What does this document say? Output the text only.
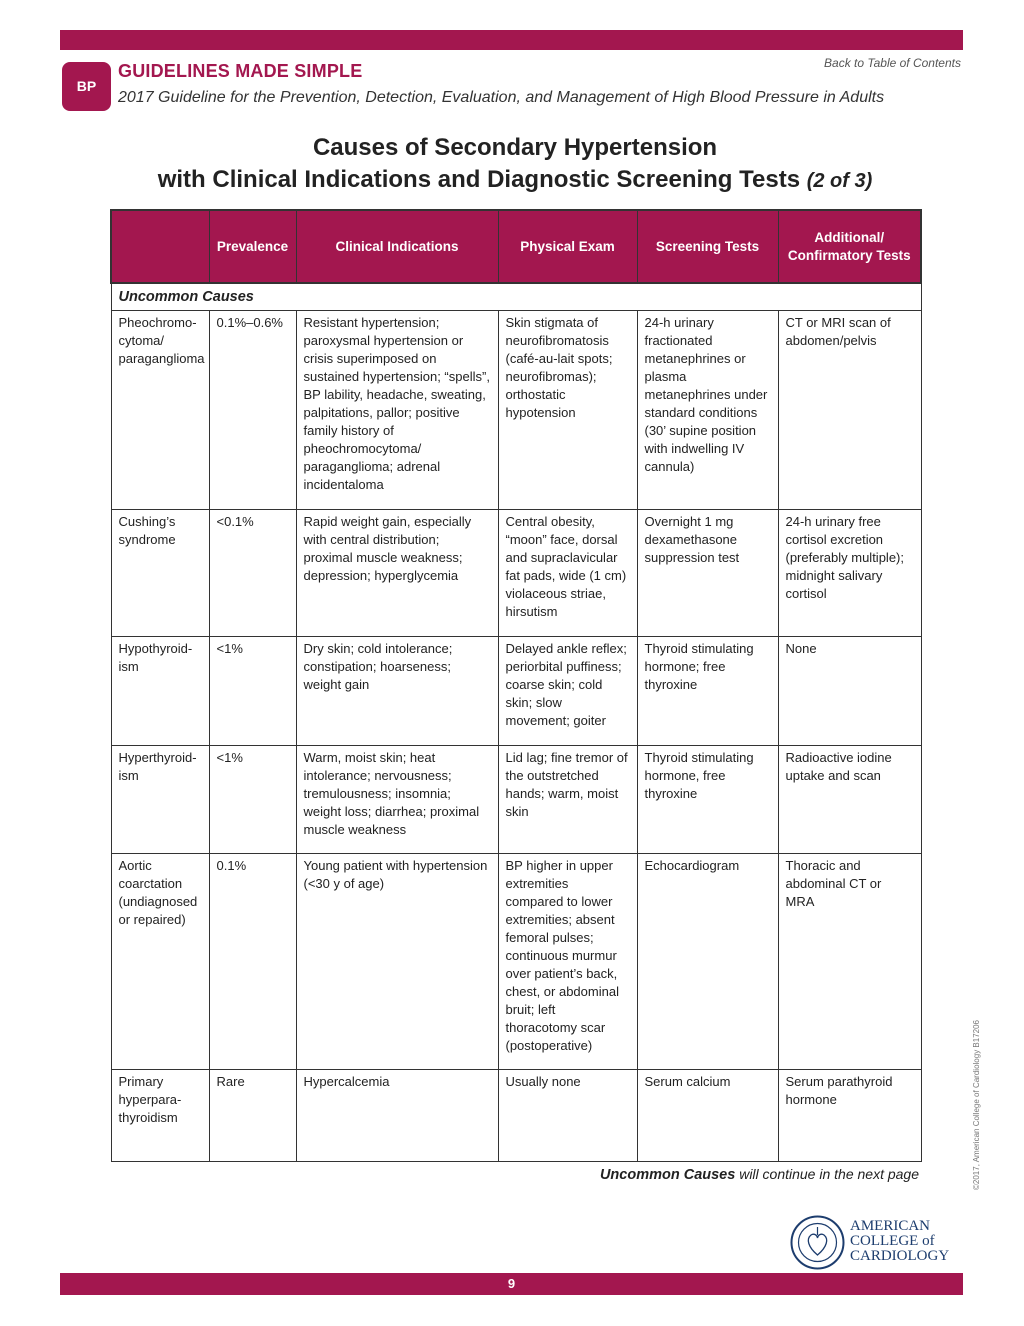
BP
Back to Table of Contents
GUIDELINES MADE SIMPLE
2017 Guideline for the Prevention, Detection, Evaluation, and Management of High Blood Pressure in Adults
Causes of Secondary Hypertension
with Clinical Indications and Diagnostic Screening Tests (2 of 3)
	Prevalence	Clinical Indications	Physical Exam	Screening Tests	Additional/ Confirmatory Tests
Uncommon Causes					
Pheochromo-cytoma/ paraganglioma	0.1%–0.6%	Resistant hypertension; paroxysmal hypertension or crisis superimposed on sustained hypertension; “spells”, BP lability, headache, sweating, palpitations, pallor; positive family history of pheochromocytoma/ paraganglioma; adrenal incidentaloma	Skin stigmata of neurofibromatosis (café-au-lait spots; neurofibromas); orthostatic hypotension	24-h urinary fractionated metanephrines or plasma metanephrines under standard conditions (30’ supine position with indwelling IV cannula)	CT or MRI scan of abdomen/pelvis
Cushing’s syndrome	<0.1%	Rapid weight gain, especially with central distribution; proximal muscle weakness; depression; hyperglycemia	Central obesity, “moon” face, dorsal and supraclavicular fat pads, wide (1 cm) violaceous striae, hirsutism	Overnight 1 mg dexamethasone suppression test	24-h urinary free cortisol excretion (preferably multiple); midnight salivary cortisol
Hypothyroid-ism	<1%	Dry skin; cold intolerance; constipation; hoarseness; weight gain	Delayed ankle reflex; periorbital puffiness; coarse skin; cold skin; slow movement; goiter	Thyroid stimulating hormone; free thyroxine	None
Hyperthyroid-ism	<1%	Warm, moist skin; heat intolerance; nervousness; tremulousness; insomnia; weight loss; diarrhea; proximal muscle weakness	Lid lag; fine tremor of the outstretched hands; warm, moist skin	Thyroid stimulating hormone, free thyroxine	Radioactive iodine uptake and scan
Aortic coarctation (undiagnosed or repaired)	0.1%	Young patient with hypertension (<30 y of age)	BP higher in upper extremities compared to lower extremities; absent femoral pulses; continuous murmur over patient’s back, chest, or abdominal bruit; left thoracotomy scar (postoperative)	Echocardiogram	Thoracic and abdominal CT or MRA
Primary hyperpara-thyroidism	Rare	Hypercalcemia	Usually none	Serum calcium	Serum parathyroid hormone
Uncommon Causes will continue in the next page	©2017, American College of Cardiology B17206
AMERICAN
COLLEGE of
CARDIOLOGY
9
